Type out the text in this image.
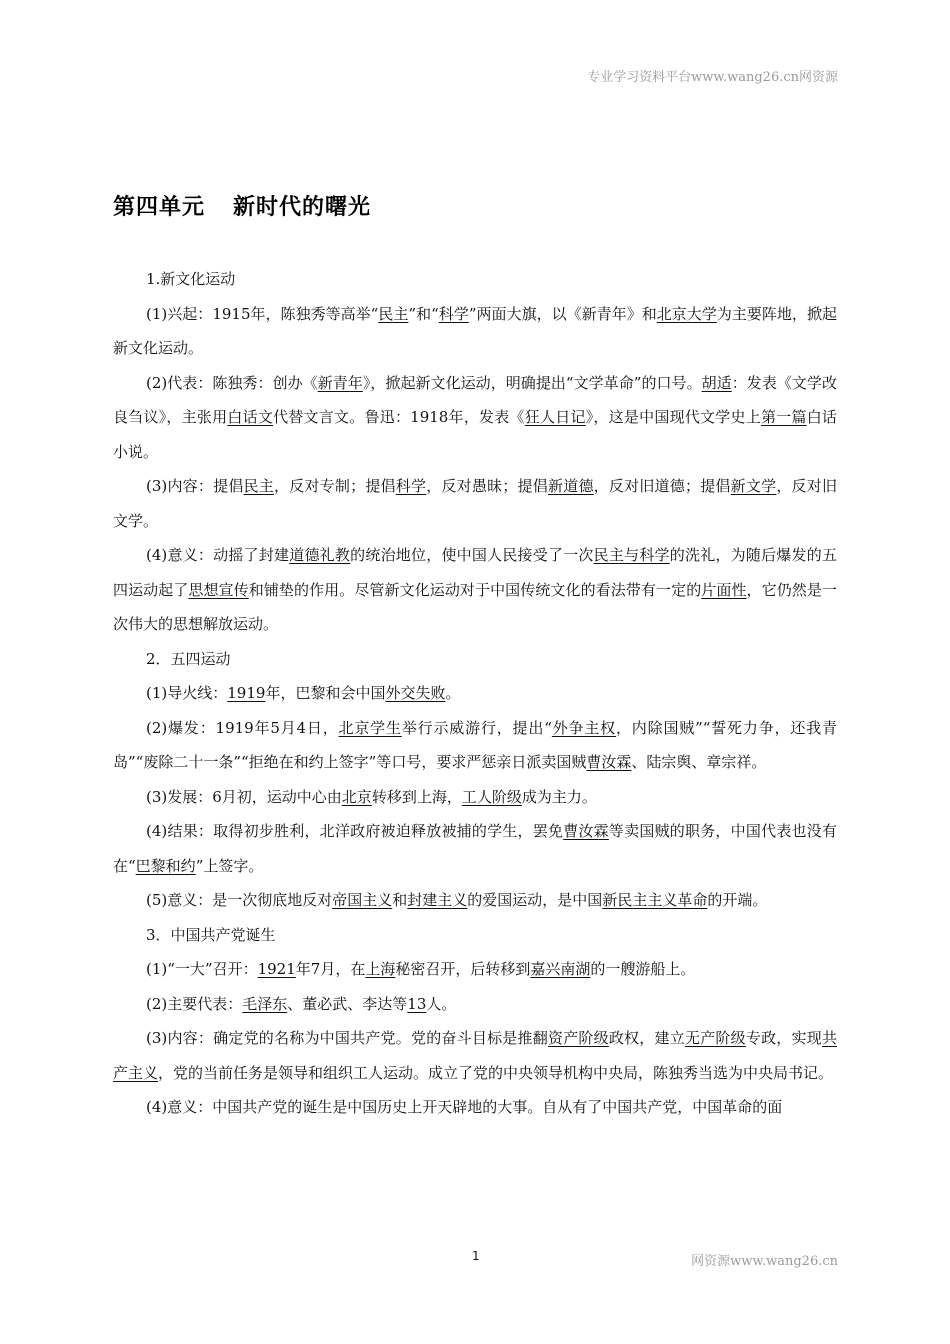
专业学习资料平台www.wang26.cn网资源
第四单元 新时代的曙光
1.新文化运动
(1)兴起：1915年，陈独秀等高举“民主”和“科学”两面大旗，以《新青年》和北京大学为主要阵地，掀起新文化运动。
(2)代表：陈独秀：创办《新青年》，掀起新文化运动，明确提出“文学革命”的口号。胡适：发表《文学改良刍议》，主张用白话文代替文言文。鲁迅：1918年，发表《狂人日记》，这是中国现代文学史上第一篇白话小说。
(3)内容：提倡民主，反对专制；提倡科学，反对愚昧；提倡新道德，反对旧道德；提倡新文学，反对旧文学。
(4)意义：动摇了封建道德礼教的统治地位，使中国人民接受了一次民主与科学的洗礼，为随后爆发的五四运动起了思想宣传和铺垫的作用。尽管新文化运动对于中国传统文化的看法带有一定的片面性，它仍然是一次伟大的思想解放运动。
2．五四运动
(1)导火线：1919年，巴黎和会中国外交失败。
(2)爆发：1919年5月4日，北京学生举行示威游行，提出“外争主权，内除国贼”“誓死力争，还我青岛”“废除二十一条”“拒绝在和约上签字”等口号，要求严惩亲日派卖国贼曹汝霖、陆宗舆、章宗祥。
(3)发展：6月初，运动中心由北京转移到上海，工人阶级成为主力。
(4)结果：取得初步胜利，北洋政府被迫释放被捕的学生，罢免曹汝霖等卖国贼的职务，中国代表也没有在“巴黎和约”上签字。
(5)意义：是一次彻底地反对帝国主义和封建主义的爱国运动，是中国新民主主义革命的开端。
3．中国共产党诞生
(1)“一大”召开：1921年7月，在上海秘密召开，后转移到嘉兴南湖的一艘游船上。
(2)主要代表：毛泽东、董必武、李达等13人。
(3)内容：确定党的名称为中国共产党。党的奋斗目标是推翻资产阶级政权，建立无产阶级专政，实现共产主义，党的当前任务是领导和组织工人运动。成立了党的中央领导机构中央局，陈独秀当选为中央局书记。
(4)意义：中国共产党的诞生是中国历史上开天辟地的大事。自从有了中国共产党，中国革命的面
1	网资源www.wang26.cn
